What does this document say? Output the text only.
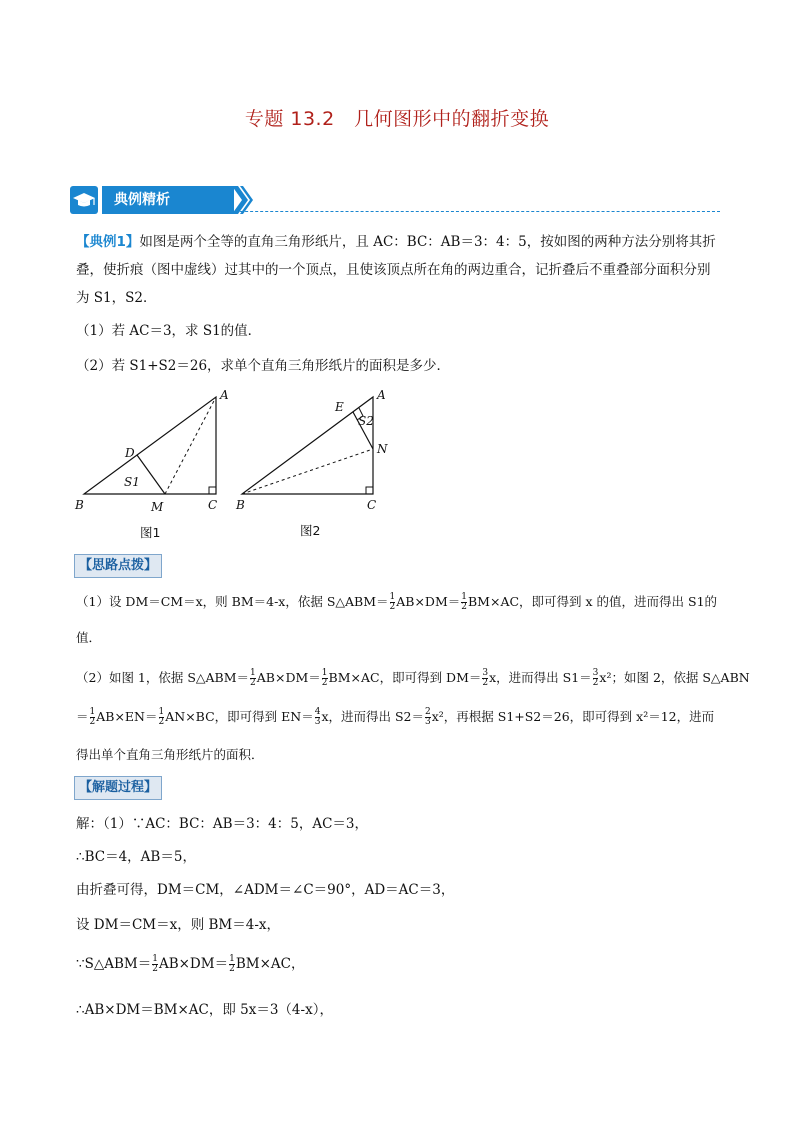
专题 13.2　几何图形中的翻折变换
典例精析
【典例1】如图是两个全等的直角三角形纸片，且 AC：BC：AB＝3：4：5，按如图的两种方法分别将其折叠，使折痕（图中虚线）过其中的一个顶点，且使该顶点所在角的两边重合，记折叠后不重叠部分面积分别为 S1，S2．
（1）若 AC＝3，求 S1的值．
（2）若 S1+S2＝26，求单个直角三角形纸片的面积是多少．
A
B	C
D
M
S1
图1
A
B	C
E
N
S2
图2
【思路点拨】
（1）设 DM＝CM＝x，则 BM＝4-x，依据 S△ABM＝ $\frac{1}{2} AB\times DM= \frac{1}{2} BM\times AC$，即可得到 x 的值，进而得出 S1的
值．
（2）如图 1，依据 S△ABM＝ $\frac{1}{2} AB\times DM= \frac{1}{2} BM\times AC$，即可得到 $DM= \frac{3}{2}$ x，进而得出 $S1= \frac{3}{2} x^2$；如图 2，依据 S△ABN
＝ $\frac{1}{2} AB\times EN= \frac{1}{2} AN\times BC$，即可得到 $EN= \frac{4}{3}$ x，进而得出 $S2= \frac{2}{3} x^2$，再根据 S1+S2＝26，即可得到 x²＝12，进而
得出单个直角三角形纸片的面积．
【解题过程】
解：（1）∵AC：BC：AB＝3：4：5，AC＝3，
∴BC＝4，AB＝5，
由折叠可得，DM＝CM，∠ADM＝∠C＝90°，AD＝AC＝3，
设 DM＝CM＝x，则 BM＝4-x，
∵S△ABM＝ $\frac{1}{2} AB\times DM= \frac{1}{2} BM\times AC$，
∴AB×DM＝BM×AC，即 5x＝3（4-x），
